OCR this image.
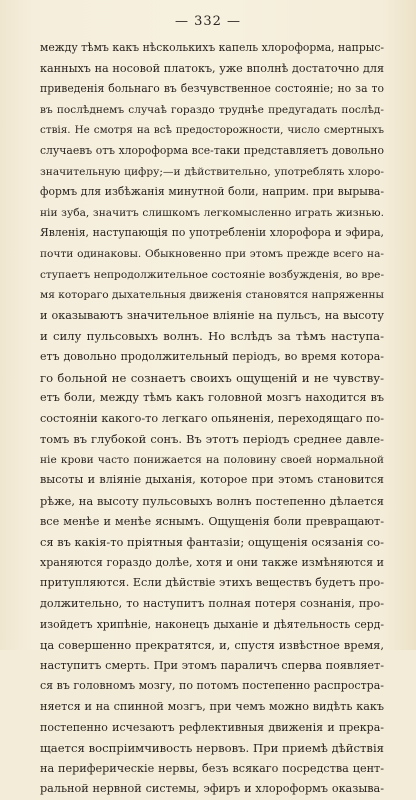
— 332 —
между тѣмъ какъ нѣсколькихъ капель хлороформа, напрыс-
канныхъ на носовой платокъ, уже вполнѣ достаточно для
приведенія больнаго въ безчувственное состояніе; но за то
въ послѣднемъ случаѣ гораздо труднѣе предугадать послѣд-
ствія. Не смотря на всѣ предосторожности, число смертныхъ
случаевъ отъ хлороформа все-таки представляетъ довольно
значительную цифру;—и дѣйствительно, употреблять хлоро-
формъ для избѣжанія минутной боли, наприм. при вырыва-
ніи зуба, значитъ слишкомъ легкомысленно играть жизнью.
Явленія, наступающія по употребленіи хлорофора и эфира,
почти одинаковы. Обыкновенно при этомъ прежде всего на-
ступаетъ непродолжительное состояніе возбужденія, во вре-
мя котораго дыхательныя движенія становятся напряженны
и оказываютъ значительное вліяніе на пульсъ, на высоту
и силу пульсовыхъ волнъ. Но вслѣдъ за тѣмъ наступа-
етъ довольно продолжительный періодъ, во время котора-
го больной не сознаетъ своихъ ощущеній и не чувству-
етъ боли, между тѣмъ какъ головной мозгъ находится въ
состояніи какого-то легкаго опьяненія, переходящаго по-
томъ въ глубокой сонъ. Въ этотъ періодъ среднее давле-
ніе крови часто понижается на половину своей нормальной
высоты и вліяніе дыханія, которое при этомъ становится
рѣже, на высоту пульсовыхъ волнъ постепенно дѣлается
все менѣе и менѣе яснымъ. Ощущенія боли превращают-
ся въ какія-то пріятныя фантазіи; ощущенія осязанія со-
храняются гораздо долѣе, хотя и они также измѣняются и
притупляются. Если дѣйствіе этихъ веществъ будетъ про-
должительно, то наступитъ полная потеря сознанія, про-
изойдетъ хрипѣніе, наконецъ дыханіе и дѣятельность серд-
ца совершенно прекратятся, и, спустя извѣстное время,
наступитъ смерть. При этомъ параличъ сперва появляет-
ся въ головномъ мозгу, по потомъ постепенно распростра-
няется и на спинной мозгъ, при чемъ можно видѣть какъ
постепенно исчезаютъ рефлективныя движенія и прекра-
щается воспріимчивость нервовъ. При приемѣ дѣйствія
на периферическіе нервы, безъ всякаго посредства цент-
ральной нервной системы, эфиръ и хлороформъ оказыва-
